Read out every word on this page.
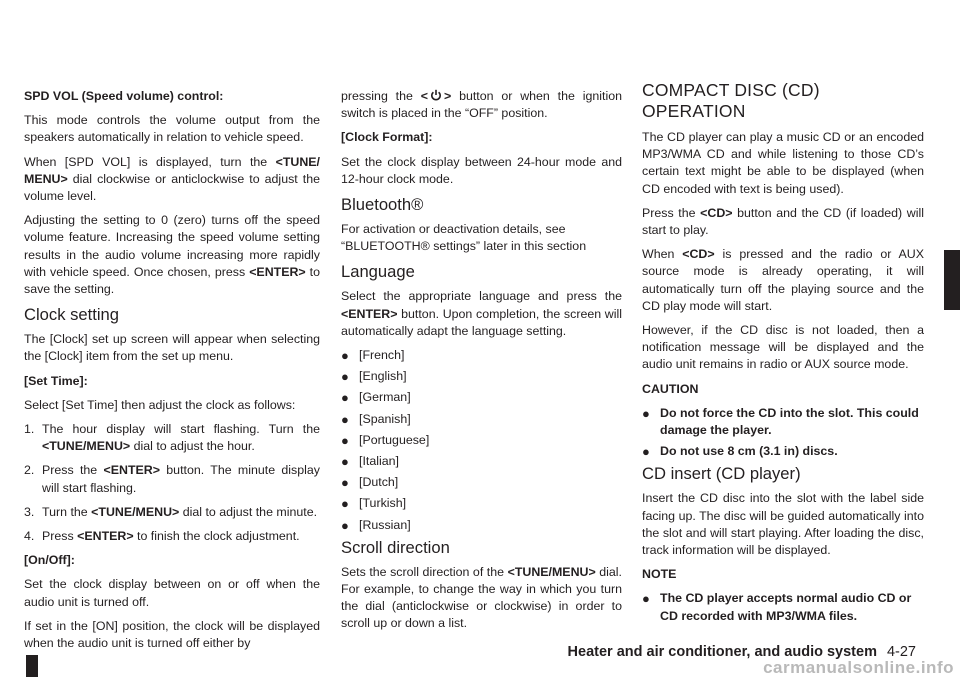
SPD VOL (Speed volume) control:

This mode controls the volume output from the speakers automatically in relation to vehicle speed.

When [SPD VOL] is displayed, turn the <TUNE/ MENU> dial clockwise or anticlockwise to adjust the volume level.

Adjusting the setting to 0 (zero) turns off the speed volume feature. Increasing the speed volume setting results in the audio volume increasing more rapidly with vehicle speed. Once chosen, press <ENTER> to save the setting.

Clock setting

The [Clock] set up screen will appear when selecting the [Clock] item from the set up menu.

[Set Time]:

Select [Set Time] then adjust the clock as follows:

1. The hour display will start flashing. Turn the <TUNE/MENU> dial to adjust the hour.
2. Press the <ENTER> button. The minute display will start flashing.
3. Turn the <TUNE/MENU> dial to adjust the minute.
4. Press <ENTER> to finish the clock adjustment.
[On/Off]:

Set the clock display between on or off when the audio unit is turned off.

If set in the [ON] position, the clock will be displayed when the audio unit is turned off either by

pressing the < > button or when the ignition switch is placed in the “OFF” position.

[Clock Format]:

Set the clock display between 24-hour mode and 12-hour clock mode.

Bluetooth®

For activation or deactivation details, see “BLUETOOTH® settings” later in this section

Language

Select the appropriate language and press the <ENTER> button. Upon completion, the screen will automatically adapt the language setting.

● [French]
● [English]
● [German]
● [Spanish]
● [Portuguese]
● [Italian]
● [Dutch]
● [Turkish]
● [Russian]
Scroll direction

Sets the scroll direction of the <TUNE/MENU> dial. For example, to change the way in which you turn the dial (anticlockwise or clockwise) in order to scroll up or down a list.

COMPACT DISC (CD) OPERATION

The CD player can play a music CD or an encoded MP3/WMA CD and while listening to those CD’s certain text might be able to be displayed (when CD encoded with text is being used).

Press the <CD> button and the CD (if loaded) will start to play.

When <CD> is pressed and the radio or AUX source mode is already operating, it will automatically turn off the playing source and the CD play mode will start.

However, if the CD disc is not loaded, then a notification message will be displayed and the audio unit remains in radio or AUX source mode.

CAUTION
● Do not force the CD into the slot. This could damage the player.
● Do not use 8 cm (3.1 in) discs.
CD insert (CD player)

Insert the CD disc into the slot with the label side facing up. The disc will be guided automatically into the slot and will start playing. After loading the disc, track information will be displayed.

NOTE
● The CD player accepts normal audio CD or CD recorded with MP3/WMA files.
Heater and air conditioner, and audio system 4-27
carmanualsonline.info
